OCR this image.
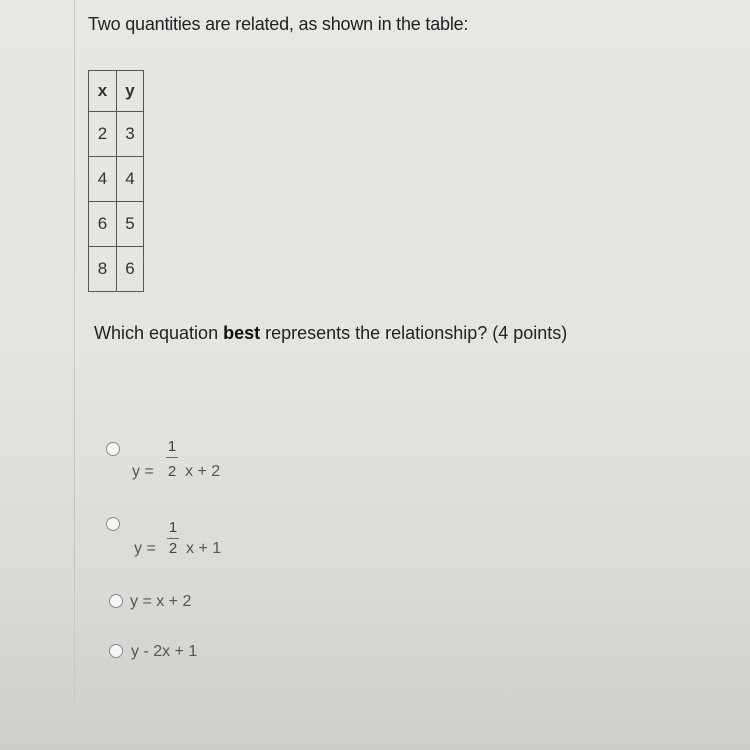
Two quantities are related, as shown in the table:
x	y
2	3
4	4
6	5
8	6
Which equation best represents the relationship? (4 points)
1
y = 2 x + 2
1
y = 2 x + 1
y = x + 2
y - 2x + 1
